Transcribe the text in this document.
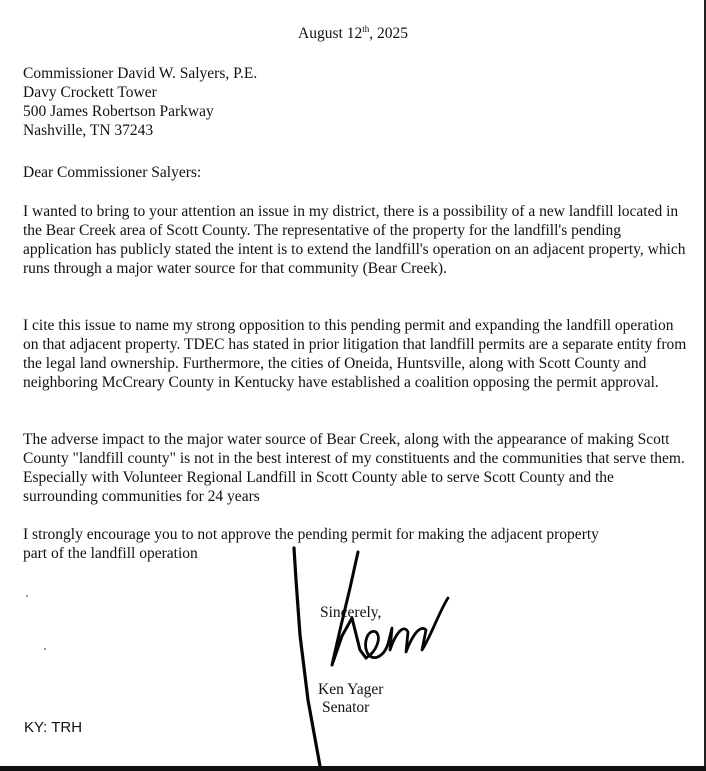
August 12th, 2025
Commissioner David W. Salyers, P.E.
Davy Crockett Tower
500 James Robertson Parkway
Nashville, TN 37243
Dear Commissioner Salyers:

I wanted to bring to your attention an issue in my district, there is a possibility of a new landfill located in the Bear Creek area of Scott County. The representative of the property for the landfill's pending application has publicly stated the intent is to extend the landfill's operation on an adjacent property, which runs through a major water source for that community (Bear Creek).

I cite this issue to name my strong opposition to this pending permit and expanding the landfill operation on that adjacent property. TDEC has stated in prior litigation that landfill permits are a separate entity from the legal land ownership. Furthermore, the cities of Oneida, Huntsville, along with Scott County and neighboring McCreary County in Kentucky have established a coalition opposing the permit approval.

The adverse impact to the major water source of Bear Creek, along with the appearance of making Scott County "landfill county" is not in the best interest of my constituents and the communities that serve them. Especially with Volunteer Regional Landfill in Scott County able to serve Scott County and the surrounding communities for 24 years

I strongly encourage you to not approve the pending permit for making the adjacent property part of the landfill operation

Sincerely,
Ken Yager
Senator
KY: TRH
